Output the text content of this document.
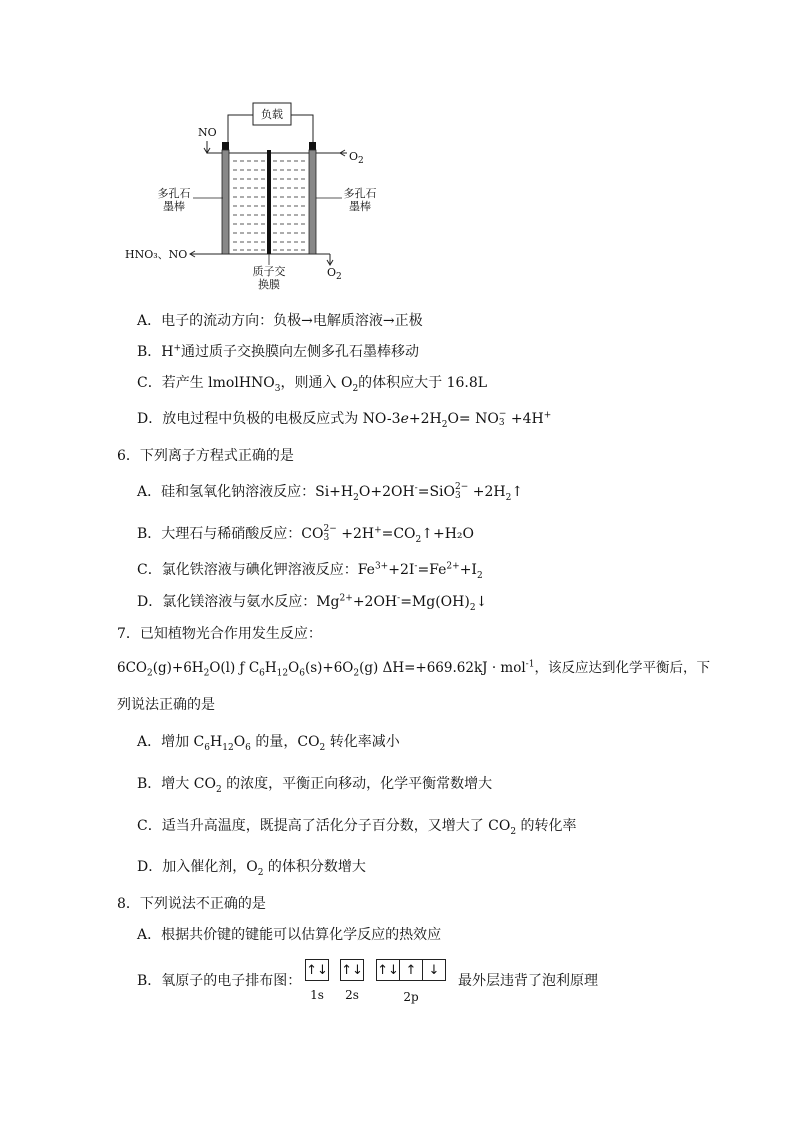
负载
NO
$O_2$
多孔石
墨棒
多孔石
墨棒
HNO₃、NO
$O_2$
质子交
换膜
A．电子的流动方向：负极→电解质溶液→正极
B．H+通过质子交换膜向左侧多孔石墨棒移动
C．若产生 lmolHNO$_3$，则通入 $O_2$的体积应大于 16.8L
D．放电过程中负极的电极反应式为 $NO-3e+2H_2O=$ NO −
3 +4H+
6．下列离子方程式正确的是
A．硅和氢氧化钠溶液反应：$Si+H_2O+2OH^-=SiO$ 2−
$3 +2H_2↑$
B．大理石与稀硝酸反应：CO 2−
$3 +2H^+=CO_2↑+H_2O$
C．氯化铁溶液与碘化钾溶液反应：$Fe^{3+}+2I^-=Fe^{2+}+I_2$
D．氯化镁溶液与氨水反应：$Mg^{2+}+2OH^-=Mg(OH)_2↓$
7．已知植物光合作用发生反应：
$6CO_2(g)+6H_2O(l)$ ƒ $C_6H_{12}O_6(s)+6O_2(g) \Delta H=+669.62kJ \cdot mol^{-1}$，该反应达到化学平衡后，下
列说法正确的是
A．增加 $C_6H_{12}O_6$ 的量，$CO_2$ 转化率减小
B．增大 $CO_2$ 的浓度，平衡正向移动，化学平衡常数增大
C．适当升高温度，既提高了活化分子百分数，又增大了 $CO_2$ 的转化率
D．加入催化剂，$O_2$ 的体积分数增大
8．下列说法不正确的是
A．根据共价键的键能可以估算化学反应的热效应
B．氧原子的电子排布图：
↑↓ ↑↓ ↑↓ ↑ ↓
1s	2s	2p
最外层违背了泡利原理
